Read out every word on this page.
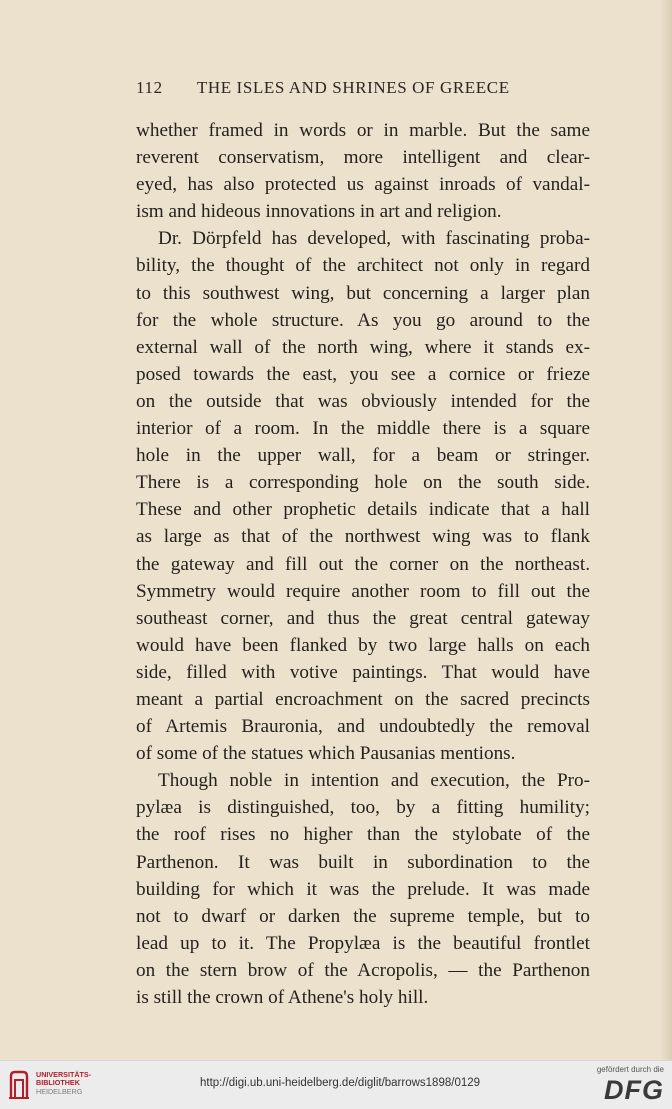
112 THE ISLES AND SHRINES OF GREECE
whether framed in words or in marble. But the same
reverent conservatism, more intelligent and clear-
eyed, has also protected us against inroads of vandal-
ism and hideous innovations in art and religion.
Dr. Dörpfeld has developed, with fascinating proba-
bility, the thought of the architect not only in regard
to this southwest wing, but concerning a larger plan
for the whole structure. As you go around to the
external wall of the north wing, where it stands ex-
posed towards the east, you see a cornice or frieze
on the outside that was obviously intended for the
interior of a room. In the middle there is a square
hole in the upper wall, for a beam or stringer.
There is a corresponding hole on the south side.
These and other prophetic details indicate that a hall
as large as that of the northwest wing was to flank
the gateway and fill out the corner on the northeast.
Symmetry would require another room to fill out the
southeast corner, and thus the great central gateway
would have been flanked by two large halls on each
side, filled with votive paintings. That would have
meant a partial encroachment on the sacred precincts
of Artemis Brauronia, and undoubtedly the removal
of some of the statues which Pausanias mentions.
Though noble in intention and execution, the Pro-
pylæa is distinguished, too, by a fitting humility;
the roof rises no higher than the stylobate of the
Parthenon. It was built in subordination to the
building for which it was the prelude. It was made
not to dwarf or darken the supreme temple, but to
lead up to it. The Propylæa is the beautiful frontlet
on the stern brow of the Acropolis, — the Parthenon
is still the crown of Athene's holy hill.
UNIVERSITÄTS-
BIBLIOTHEK
HEIDELBERG
http://digi.ub.uni-heidelberg.de/diglit/barrows1898/0129
gefördert durch die
DFG
